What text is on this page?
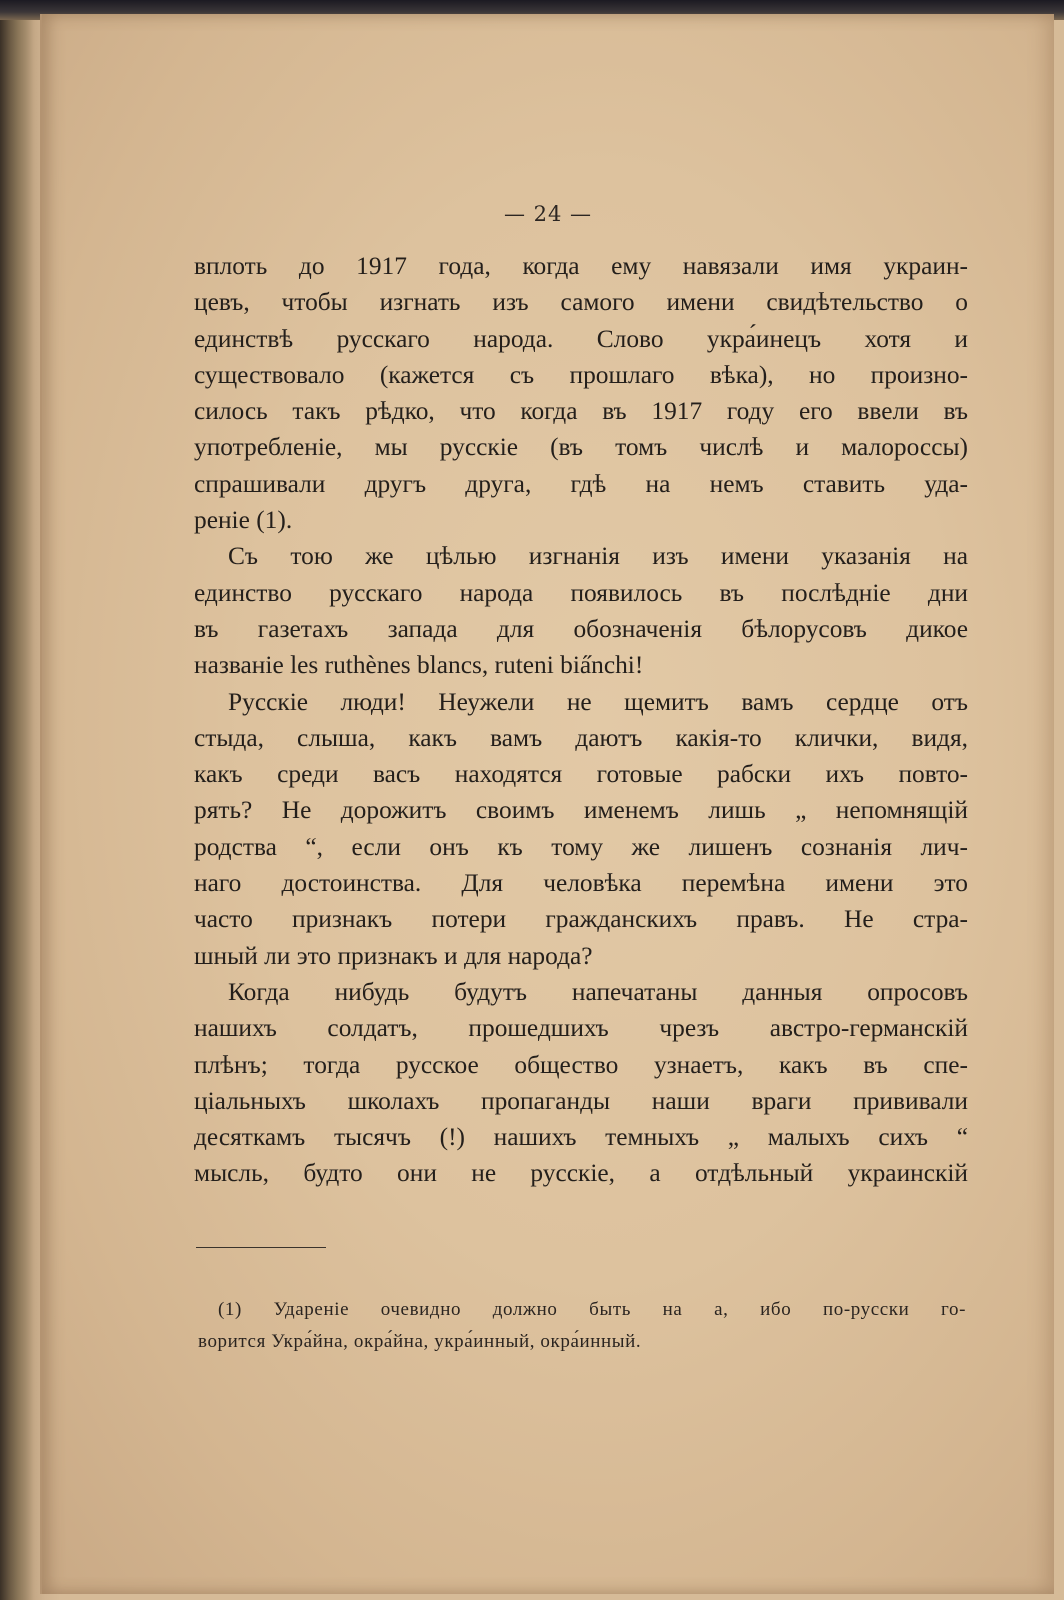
— 24 —
вплоть до 1917 года, когда ему навязали имя украин-
цевъ, чтобы изгнать изъ самого имени свидѣтельство о
единствѣ русскаго народа. Слово укра́инецъ хотя и
существовало (кажется съ прошлаго вѣка), но произно-
силось такъ рѣдко, что когда въ 1917 году его ввели въ
употребленіе, мы русскіе (въ томъ числѣ и малороссы)
спрашивали другъ друга, гдѣ на немъ ставить уда-
реніе (1).
Съ тою же цѣлью изгнанія изъ имени указанія на
единство русскаго народа появилось въ послѣдніе дни
въ газетахъ запада для обозначенія бѣлорусовъ дикое
названіе les ruthènes blancs, ruteni bia̋nchi!
Русскіе люди! Неужели не щемитъ вамъ сердце отъ
стыда, слыша, какъ вамъ даютъ какія-то клички, видя,
какъ среди васъ находятся готовые рабски ихъ повто-
рять? Не дорожитъ своимъ именемъ лишь „ непомнящій
родства “, если онъ къ тому же лишенъ сознанія лич-
наго достоинства. Для человѣка перемѣна имени это
часто признакъ потери гражданскихъ правъ. Не стра-
шный ли это признакъ и для народа?
Когда нибудь будутъ напечатаны данныя опросовъ
нашихъ солдатъ, прошедшихъ чрезъ австро-германскій
плѣнъ; тогда русское общество узнаетъ, какъ въ спе-
ціальныхъ школахъ пропаганды наши враги прививали
десяткамъ тысячъ (!) нашихъ темныхъ „ малыхъ сихъ “
мысль, будто они не русскіе, а отдѣльный украинскій
(1) Удареніе очевидно должно быть на а, ибо по-русски го-
ворится Укра́йна, окра́йна, укра́инный, окра́инный.
